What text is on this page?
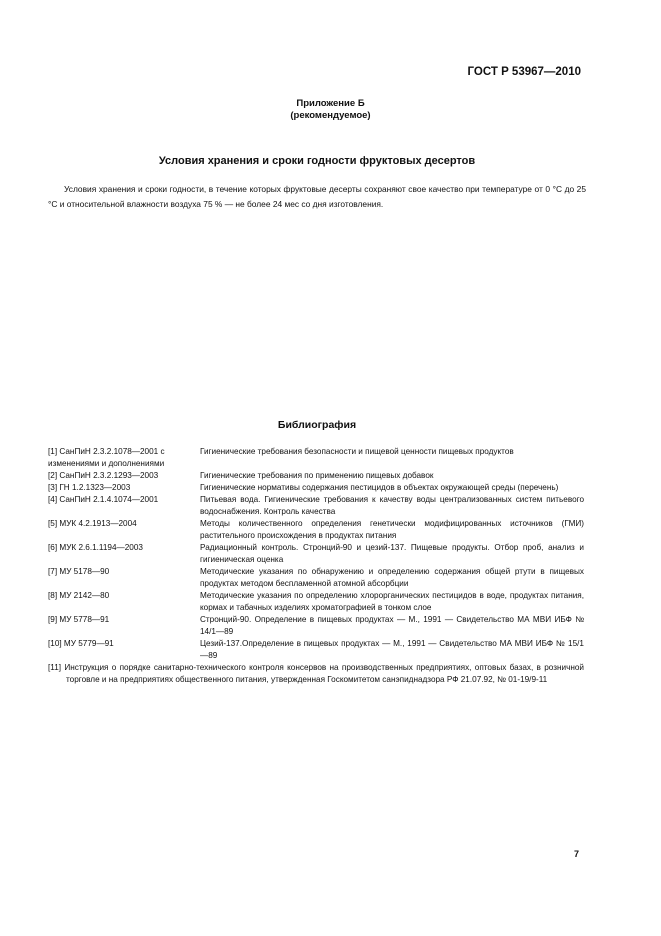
ГОСТ Р 53967—2010
Приложение Б
(рекомендуемое)
Условия хранения и сроки годности фруктовых десертов

Условия хранения и сроки годности, в течение которых фруктовые десерты сохраняют свое качество при температуре от 0 °С до 25 °С и относительной влажности воздуха 75 % — не более 24 мес со дня изготовления.

Библиография
[1] СанПиН 2.3.2.1078—2001 с изменениями и дополнениями
Гигиенические требования безопасности и пищевой ценности пищевых продуктов
[2] СанПиН 2.3.2.1293—2003	Гигиенические требования по применению пищевых добавок
[3] ГН 1.2.1323—2003	Гигиенические нормативы содержания пестицидов в объектах окружающей среды (перечень)
[4] СанПиН 2.1.4.1074—2001	Питьевая вода. Гигиенические требования к качеству воды централизованных систем питьевого водоснабжения. Контроль качества
[5] МУК 4.2.1913—2004	Методы количественного определения генетически модифицированных источников (ГМИ) растительного происхождения в продуктах питания
[6] МУК 2.6.1.1194—2003	Радиационный контроль. Стронций-90 и цезий-137. Пищевые продукты. Отбор проб, анализ и гигиеническая оценка
[7] МУ 5178—90	Методические указания по обнаружению и определению содержания общей ртути в пищевых продуктах методом беспламенной атомной абсорбции
[8] МУ 2142—80	Методические указания по определению хлорорганических пестицидов в воде, продуктах питания, кормах и табачных изделиях хроматографией в тонком слое
[9] МУ 5778—91	Стронций-90. Определение в пищевых продуктах — М., 1991 — Свидетельство МА МВИ ИБФ № 14/1—89
[10] МУ 5779—91	Цезий-137.Определение в пищевых продуктах — М., 1991 — Свидетельство МА МВИ ИБФ № 15/1—89
[11] Инструкция о порядке санитарно-технического контроля консервов на производственных предприятиях, оптовых базах, в розничной торговле и на предприятиях общественного питания, утвержденная Госкомитетом санэпиднадзора РФ 21.07.92, № 01-19/9-11
7
